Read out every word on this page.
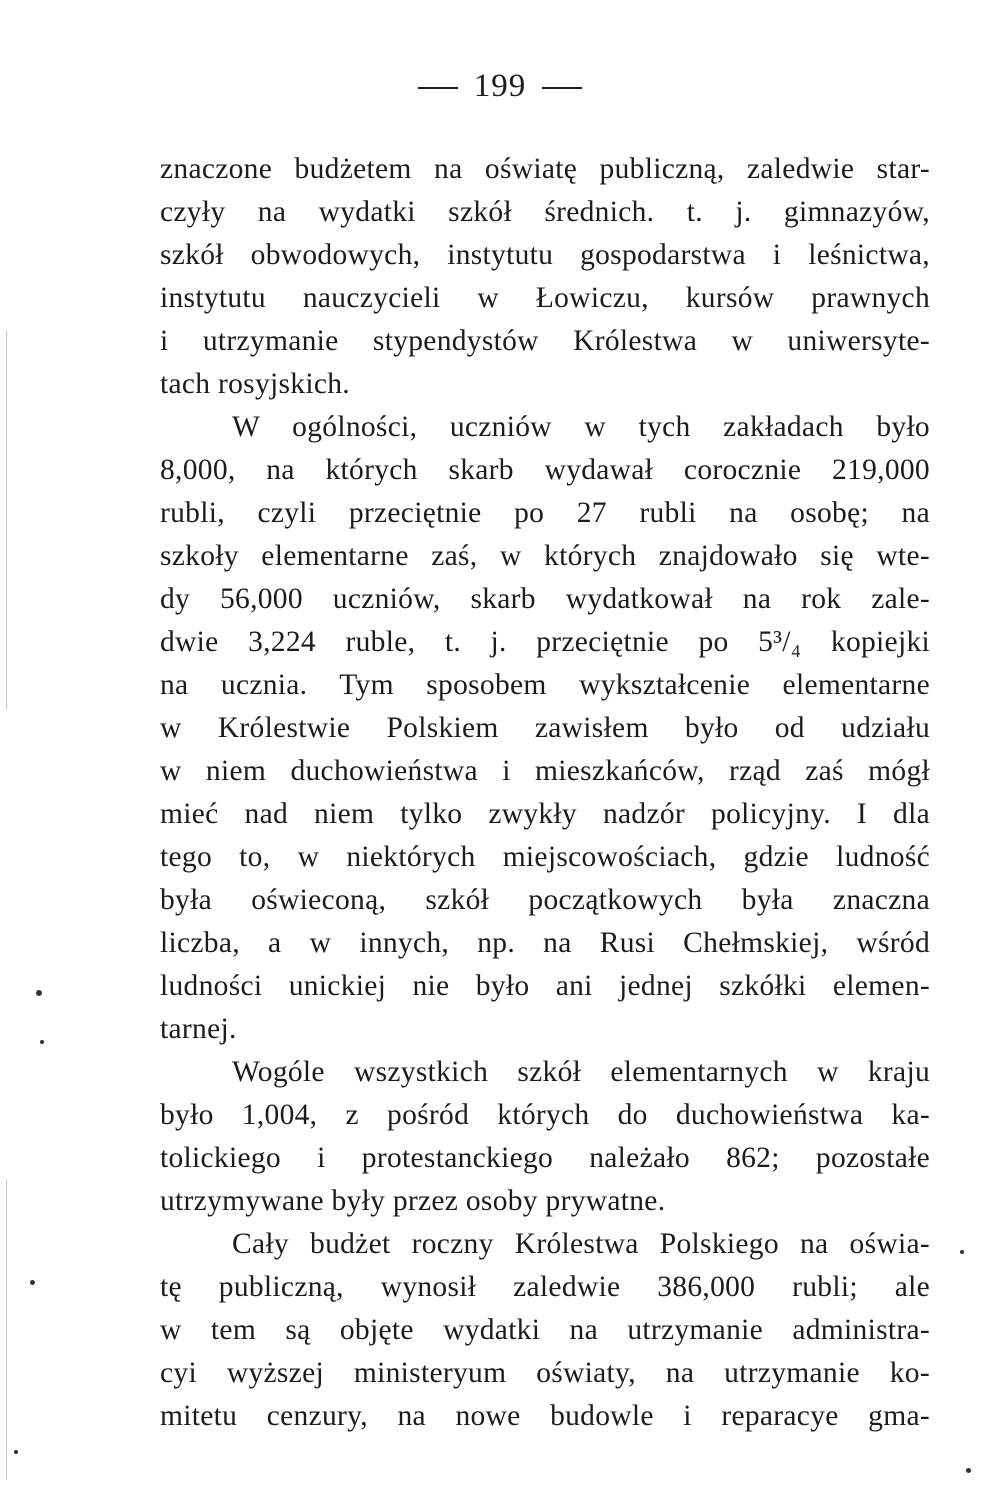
199
znaczone budżetem na oświatę publiczną, zaledwie star-
czyły na wydatki szkół średnich. t. j. gimnazyów,
szkół obwodowych, instytutu gospodarstwa i leśnictwa,
instytutu nauczycieli w Łowiczu, kursów prawnych
i utrzymanie stypendystów Królestwa w uniwersyte-
tach rosyjskich.
W ogólności, uczniów w tych zakładach było
8,000, na których skarb wydawał corocznie 219,000
rubli, czyli przeciętnie po 27 rubli na osobę; na
szkoły elementarne zaś, w których znajdowało się wte-
dy 56,000 uczniów, skarb wydatkował na rok zale-
dwie 3,224 ruble, t. j. przeciętnie po 5³/₄ kopiejki
na ucznia. Tym sposobem wykształcenie elementarne
w Królestwie Polskiem zawisłem było od udziału
w niem duchowieństwa i mieszkańców, rząd zaś mógł
mieć nad niem tylko zwykły nadzór policyjny. I dla
tego to, w niektórych miejscowościach, gdzie ludność
była oświeconą, szkół początkowych była znaczna
liczba, a w innych, np. na Rusi Chełmskiej, wśród
ludności unickiej nie było ani jednej szkółki elemen-
tarnej.
Wogóle wszystkich szkół elementarnych w kraju
było 1,004, z pośród których do duchowieństwa ka-
tolickiego i protestanckiego należało 862; pozostałe
utrzymywane były przez osoby prywatne.
Cały budżet roczny Królestwa Polskiego na oświa-
tę publiczną, wynosił zaledwie 386,000 rubli; ale
w tem są objęte wydatki na utrzymanie administra-
cyi wyższej ministeryum oświaty, na utrzymanie ko-
mitetu cenzury, na nowe budowle i reparacye gma-
